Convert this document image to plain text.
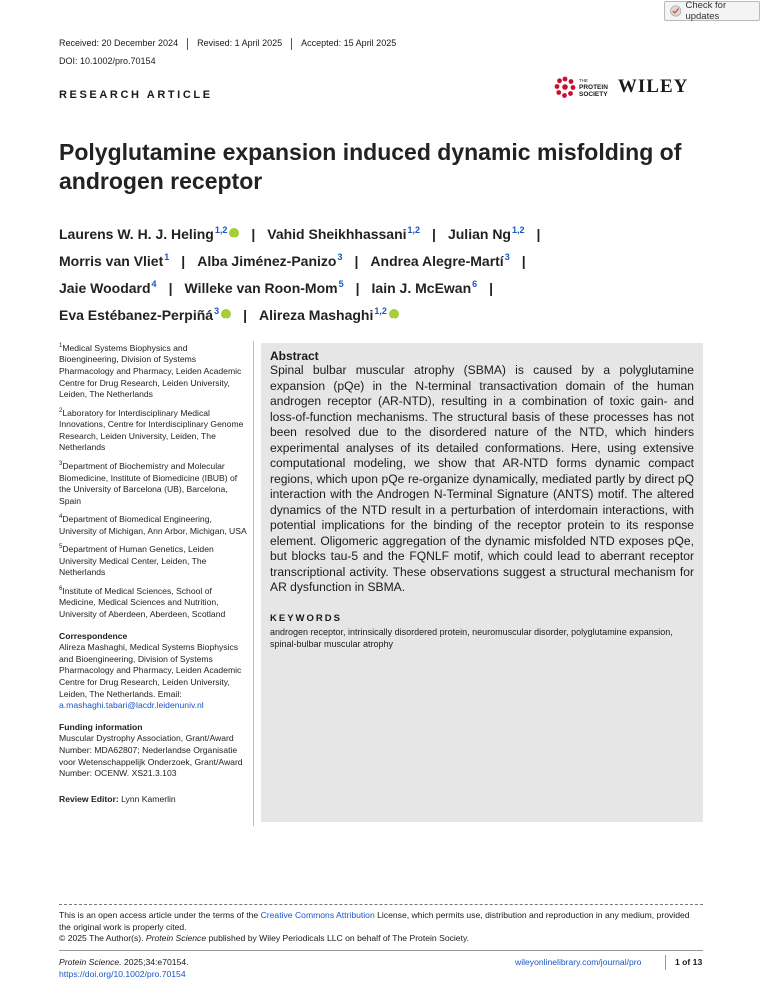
Check for updates
Received: 20 December 2024	Revised: 1 April 2025	Accepted: 15 April 2025
DOI: 10.1002/pro.70154
RESEARCH ARTICLE
THE
PROTEIN
SOCIETY WILEY
Polyglutamine expansion induced dynamic misfolding of androgen receptor
Laurens W. H. J. Heling$^{1,2}$ iD | Vahid Sheikhhassani$^{1,2}$ | Julian Ng$^{1,2}$ |
Morris van Vliet$^1$ | Alba Jiménez-Panizo$^3$ | Andrea Alegre-Martí$^3$ |
Jaie Woodard$^4$ | Willeke van Roon-Mom$^5$ | Iain J. McEwan$^6$ |
Eva Estébanez-Perpiñá$^3$ iD | Alireza Mashaghi$^{1,2}$iD
$^1$Medical Systems Biophysics and Bioengineering, Division of Systems Pharmacology and Pharmacy, Leiden Academic Centre for Drug Research, Leiden University, Leiden, The Netherlands
$^2$Laboratory for Interdisciplinary Medical Innovations, Centre for Interdisciplinary Genome Research, Leiden University, Leiden, The Netherlands
$^3$Department of Biochemistry and Molecular Biomedicine, Institute of Biomedicine (IBUB) of the University of Barcelona (UB), Barcelona, Spain
$^4$Department of Biomedical Engineering, University of Michigan, Ann Arbor, Michigan, USA
$^5$Department of Human Genetics, Leiden University Medical Center, Leiden, The Netherlands
$^6$Institute of Medical Sciences, School of Medicine, Medical Sciences and Nutrition, University of Aberdeen, Aberdeen, Scotland
Correspondence

Alireza Mashaghi, Medical Systems Biophysics and Bioengineering, Division of Systems Pharmacology and Pharmacy, Leiden Academic Centre for Drug Research, Leiden University, Leiden, The Netherlands. Email: a.mashaghi.tabari@lacdr.leidenuniv.nl

Funding information

Muscular Dystrophy Association, Grant/Award Number: MDA62807; Nederlandse Organisatie voor Wetenschappelijk Onderzoek, Grant/Award Number: OCENW. XS21.3.103

Review Editor: Lynn Kamerlin

Abstract
Spinal bulbar muscular atrophy (SBMA) is caused by a polyglutamine expansion (pQe) in the N-terminal transactivation domain of the human androgen receptor (AR-NTD), resulting in a combination of toxic gain- and loss-of-function mechanisms. The structural basis of these processes has not been resolved due to the disordered nature of the NTD, which hinders experimental analyses of its detailed conformations. Here, using extensive computational modeling, we show that AR-NTD forms dynamic compact regions, which upon pQe re-organize dynamically, mediated partly by direct pQ interaction with the Androgen N-Terminal Signature (ANTS) motif. The altered dynamics of the NTD result in a perturbation of interdomain interactions, with potential implications for the binding of the receptor protein to its response element. Oligomeric aggregation of the dynamic misfolded NTD exposes pQe, but blocks tau-5 and the FQNLF motif, which could lead to aberrant receptor transcriptional activity. These observations suggest a structural mechanism for AR dysfunction in SBMA.
KEYWORDS
androgen receptor, intrinsically disordered protein, neuromuscular disorder, polyglutamine expansion, spinal-bulbar muscular atrophy
This is an open access article under the terms of the Creative Commons Attribution License, which permits use, distribution and reproduction in any medium, provided the original work is properly cited.
© 2025 The Author(s). Protein Science published by Wiley Periodicals LLC on behalf of The Protein Society.
Protein Science. 2025;34:e70154.
https://doi.org/10.1002/pro.70154
wileyonlinelibrary.com/journal/pro	1 of 13
